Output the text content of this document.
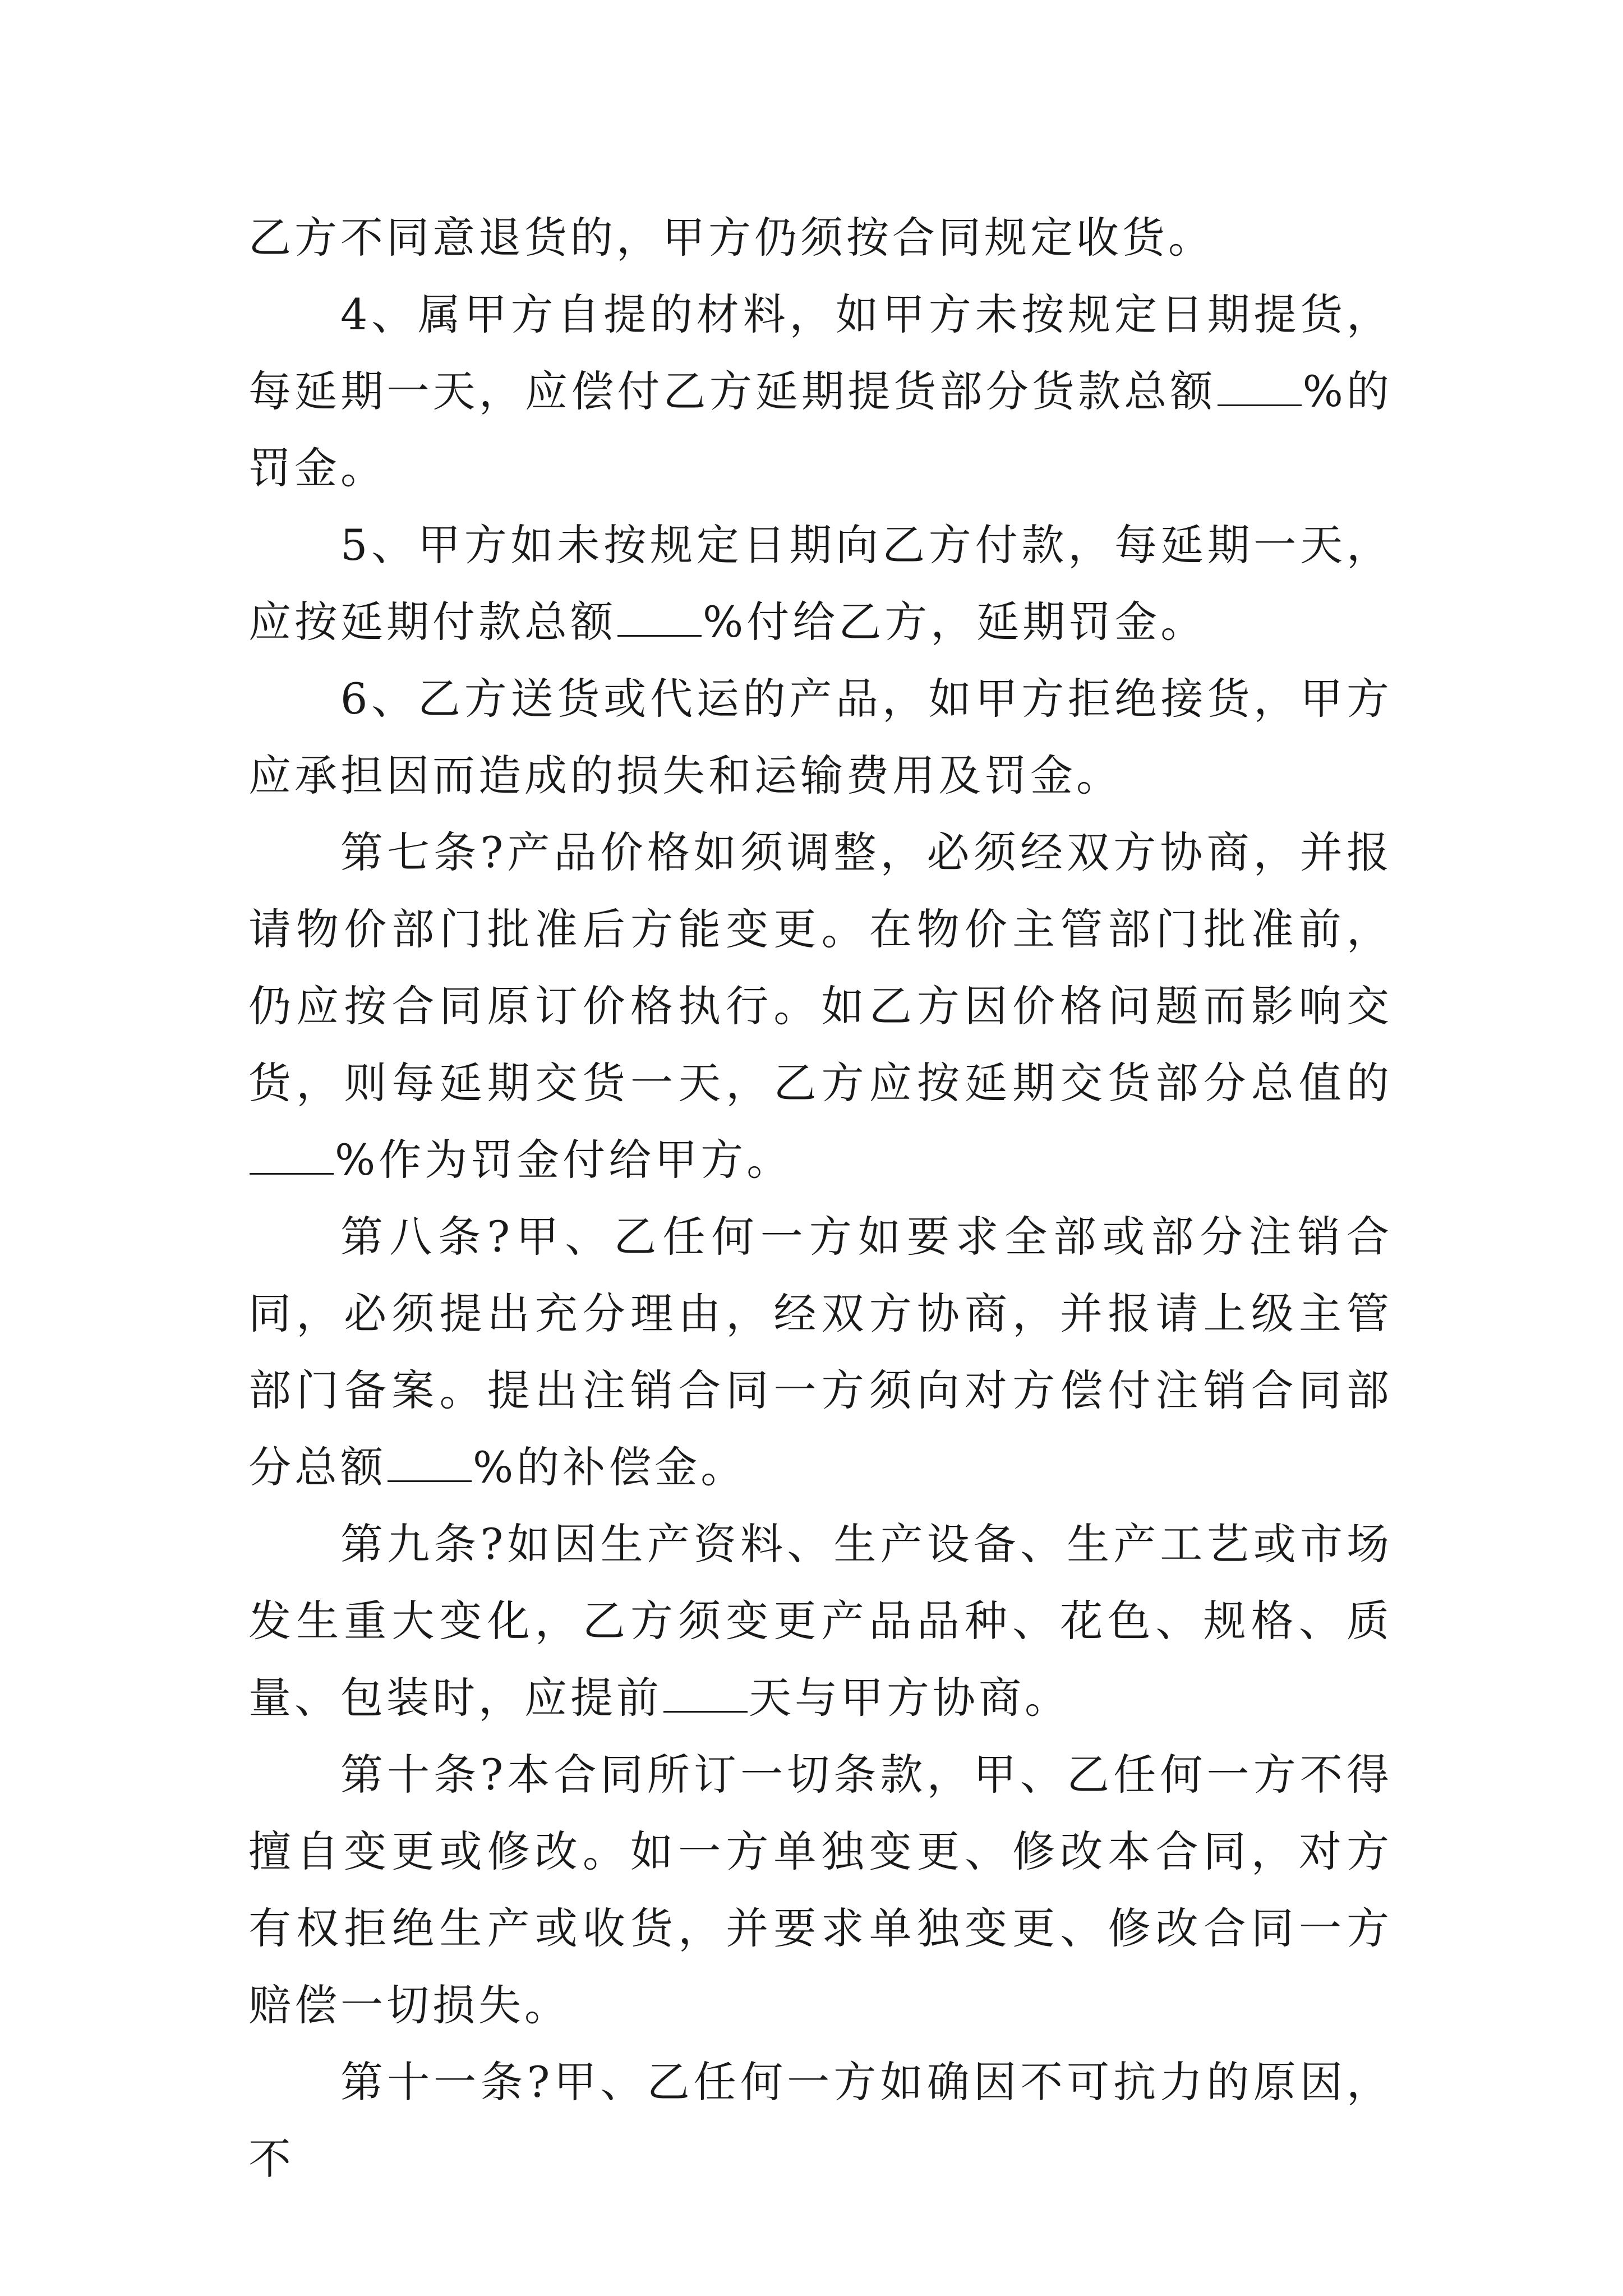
乙方不同意退货的，甲方仍须按合同规定收货。

4、属甲方自提的材料，如甲方未按规定日期提货，每延期一天，应偿付乙方延期提货部分货款总额 %的罚金。

5、甲方如未按规定日期向乙方付款，每延期一天，应按延期付款总额 %付给乙方，延期罚金。

6、乙方送货或代运的产品，如甲方拒绝接货，甲方应承担因而造成的损失和运输费用及罚金。

第七条?产品价格如须调整，必须经双方协商，并报请物价部门批准后方能变更。在物价主管部门批准前，仍应按合同原订价格执行。如乙方因价格问题而影响交货，则每延期交货一天，乙方应按延期交货部分总值的%作为罚金付给甲方。

第八条?甲、乙任何一方如要求全部或部分注销合同，必须提出充分理由，经双方协商，并报请上级主管部门备案。提出注销合同一方须向对方偿付注销合同部分总额 %的补偿金。

第九条?如因生产资料、生产设备、生产工艺或市场发生重大变化，乙方须变更产品品种、花色、规格、质量、包装时，应提前 天与甲方协商。

第十条?本合同所订一切条款，甲、乙任何一方不得擅自变更或修改。如一方单独变更、修改本合同，对方有权拒绝生产或收货，并要求单独变更、修改合同一方赔偿一切损失。

第十一条?甲、乙任何一方如确因不可抗力的原因，不
